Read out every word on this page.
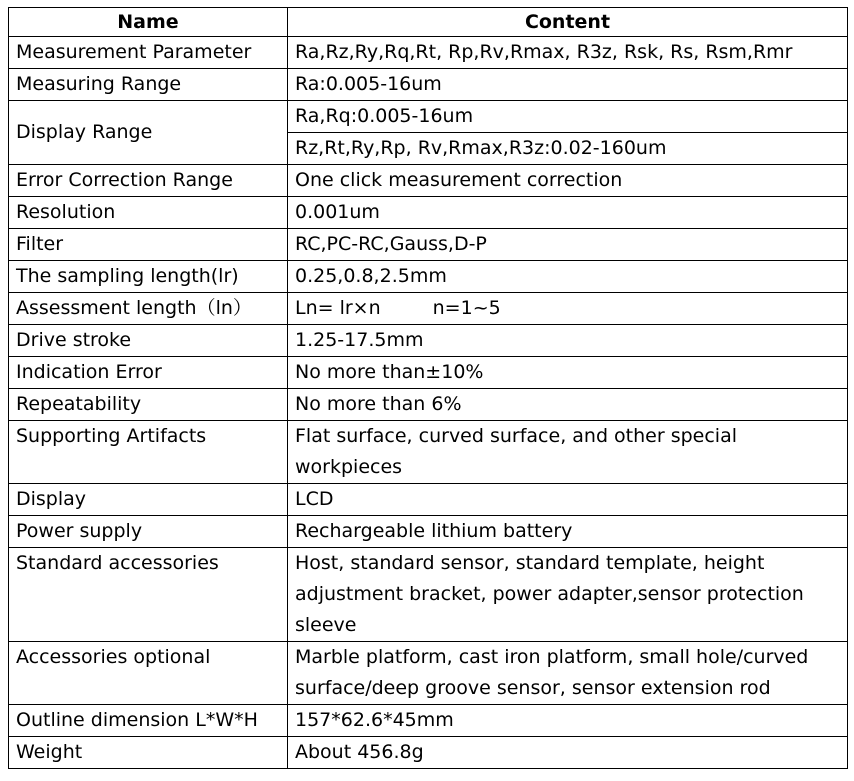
Name	Content
Measurement Parameter	Ra,Rz,Ry,Rq,Rt, Rp,Rv,Rmax, R3z, Rsk, Rs, Rsm,Rmr
Measuring Range	Ra:0.005-16um
Display Range	Ra,Rq:0.005-16um
	Rz,Rt,Ry,Rp, Rv,Rmax,R3z:0.02-160um
Error Correction Range	One click measurement correction
Resolution	0.001um
Filter	RC,PC-RC,Gauss,D-P
The sampling length(lr)	0.25,0.8,2.5mm
Assessment length（ln）	Ln= lr×n n=1~5
Drive stroke	1.25-17.5mm
Indication Error	No more than±10%
Repeatability	No more than 6%
Supporting Artifacts	Flat surface, curved surface, and other special workpieces
Display	LCD
Power supply	Rechargeable lithium battery
Standard accessories	Host, standard sensor, standard template, height adjustment bracket, power adapter,sensor protection sleeve
Accessories optional	Marble platform, cast iron platform, small hole/curved surface/deep groove sensor, sensor extension rod
Outline dimension L*W*H	157*62.6*45mm
Weight	About 456.8g
